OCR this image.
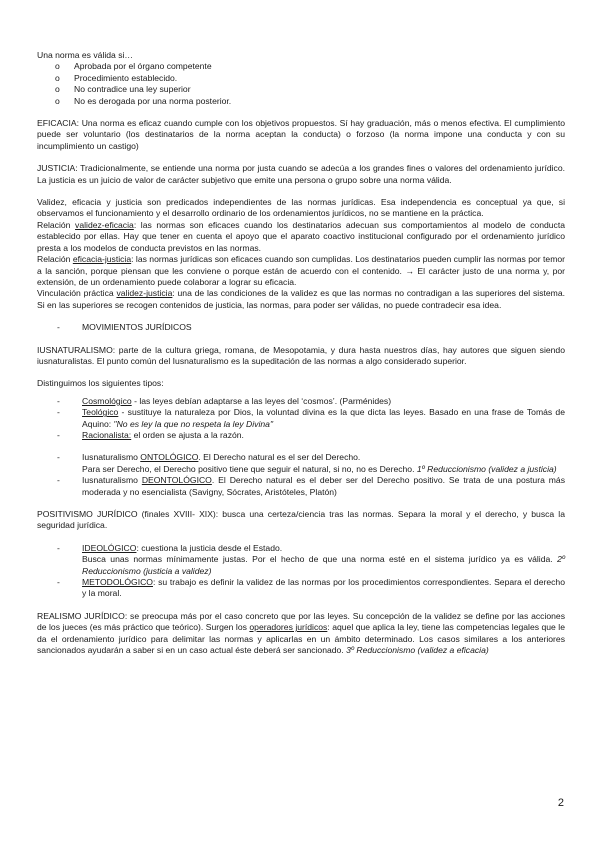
Una norma es válida si…

o	Aprobada por el órgano competente
o	Procedimiento establecido.
o	No contradice una ley superior
o	No es derogada por una norma posterior.

EFICACIA: Una norma es eficaz cuando cumple con los objetivos propuestos. Sí hay graduación, más o menos efectiva. El cumplimiento puede ser voluntario (los destinatarios de la norma aceptan la conducta) o forzoso (la norma impone una conducta y con su incumplimiento un castigo)

JUSTICIA: Tradicionalmente, se entiende una norma por justa cuando se adecúa a los grandes fines o valores del ordenamiento jurídico. La justicia es un juicio de valor de carácter subjetivo que emite una persona o grupo sobre una norma válida.

Validez, eficacia y justicia son predicados independientes de las normas jurídicas. Esa independencia es conceptual ya que, si observamos el funcionamiento y el desarrollo ordinario de los ordenamientos jurídicos, no se mantiene en la práctica.

Relación validez-eficacia: las normas son eficaces cuando los destinatarios adecuan sus comportamientos al modelo de conducta establecido por ellas. Hay que tener en cuenta el apoyo que el aparato coactivo institucional configurado por el ordenamiento jurídico presta a los modelos de conducta previstos en las normas.

Relación eficacia-justicia: las normas jurídicas son eficaces cuando son cumplidas. Los destinatarios pueden cumplir las normas por temor a la sanción, porque piensan que les conviene o porque están de acuerdo con el contenido. → El carácter justo de una norma y, por extensión, de un ordenamiento puede colaborar a lograr su eficacia.

Vinculación práctica validez-justicia: una de las condiciones de la validez es que las normas no contradigan a las superiores del sistema. Si en las superiores se recogen contenidos de justicia, las normas, para poder ser válidas, no puede contradecir esa idea.

-	MOVIMIENTOS JURÍDICOS

IUSNATURALISMO: parte de la cultura griega, romana, de Mesopotamia, y dura hasta nuestros días, hay autores que siguen siendo iusnaturalistas. El punto común del Iusnaturalismo es la supeditación de las normas a algo considerado superior.

Distinguimos los siguientes tipos:

-	Cosmológico - las leyes debían adaptarse a las leyes del ‘cosmos’. (Parménides)
-	Teológico - sustituye la naturaleza por Dios, la voluntad divina es la que dicta las leyes. Basado en una frase de Tomás de Aquino: "No es ley la que no respeta la ley Divina"
-	Racionalista: el orden se ajusta a la razón.
-	Iusnaturalismo ONTOLÓGICO. El Derecho natural es el ser del Derecho.
Para ser Derecho, el Derecho positivo tiene que seguir el natural, si no, no es Derecho. 1º Reduccionismo (validez a justicia)
-	Iusnaturalismo DEONTOLÓGICO. El Derecho natural es el deber ser del Derecho positivo. Se trata de una postura más moderada y no esencialista (Savigny, Sócrates, Aristóteles, Platón)

POSITIVISMO JURÍDICO (finales XVIII- XIX): busca una certeza/ciencia tras las normas. Separa la moral y el derecho, y busca la seguridad jurídica.

-	IDEOLÓGICO: cuestiona la justicia desde el Estado.
Busca unas normas mínimamente justas. Por el hecho de que una norma esté en el sistema jurídico ya es válida. 2º Reduccionismo (justicia a validez)
-	METODOLÓGICO: su trabajo es definir la validez de las normas por los procedimientos correspondientes. Separa el derecho y la moral.

REALISMO JURÍDICO: se preocupa más por el caso concreto que por las leyes. Su concepción de la validez se define por las acciones de los jueces (es más práctico que teórico). Surgen los operadores jurídicos: aquel que aplica la ley, tiene las competencias legales que le da el ordenamiento jurídico para delimitar las normas y aplicarlas en un ámbito determinado. Los casos similares a los anteriores sancionados ayudarán a saber si en un caso actual éste deberá ser sancionado. 3º Reduccionismo (validez a eficacia)

2
